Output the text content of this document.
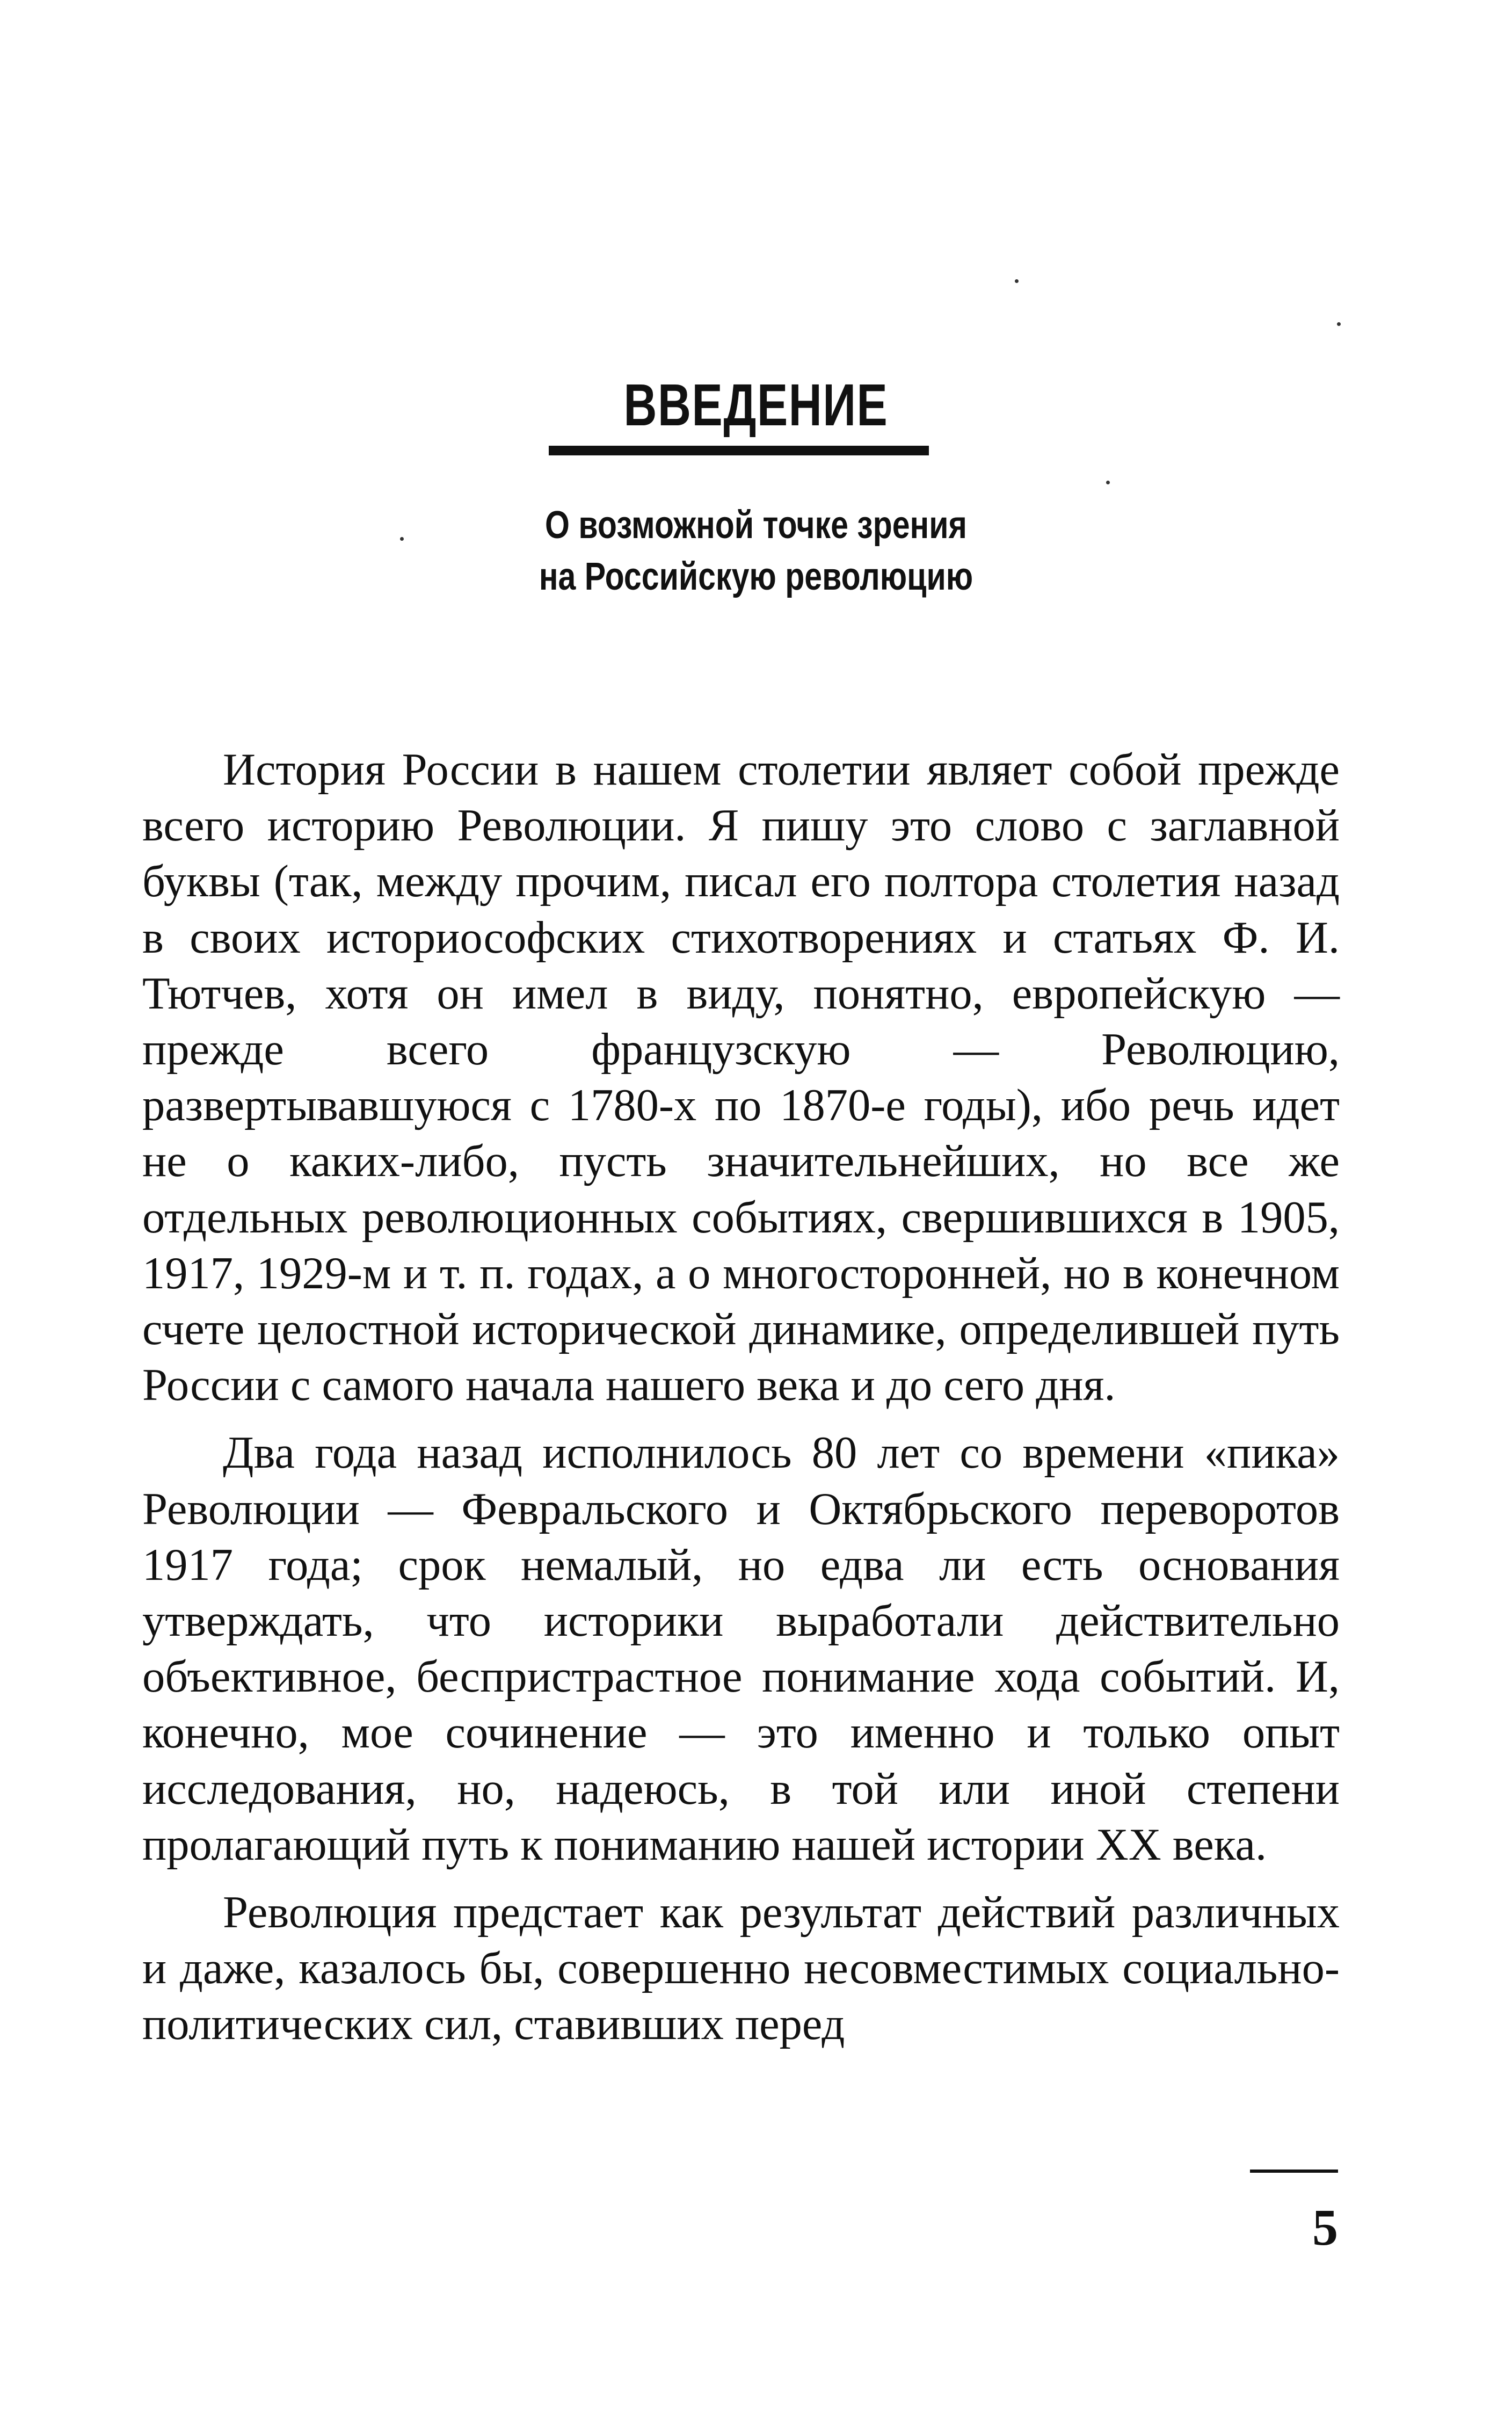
ВВЕДЕНИЕ
О возможной точке зрения
на Российскую революцию

История России в нашем столетии являет собой прежде всего историю Революции. Я пишу это слово с заглавной буквы (так, между прочим, писал его полтора столетия назад в своих историософских стихотворениях и статьях Ф. И. Тютчев, хотя он имел в виду, понятно, европейскую — прежде всего французскую — Революцию, развертывавшуюся с 1780-х по 1870-е годы), ибо речь идет не о каких-либо, пусть значительнейших, но все же отдельных революционных событиях, свершившихся в 1905, 1917, 1929-м и т. п. годах, а о многосторонней, но в конечном счете целостной исторической динамике, определившей путь России с самого начала нашего века и до сего дня.

Два года назад исполнилось 80 лет со времени «пика» Революции — Февральского и Октябрьского переворотов 1917 года; срок немалый, но едва ли есть основания утверждать, что историки выработали действительно объективное, беспристрастное понимание хода событий. И, конечно, мое сочинение — это именно и только опыт исследования, но, надеюсь, в той или иной степени пролагающий путь к пониманию нашей истории XX века.

Революция предстает как результат действий различных и даже, казалось бы, совершенно несовместимых социально-политических сил, ставивших перед

5
